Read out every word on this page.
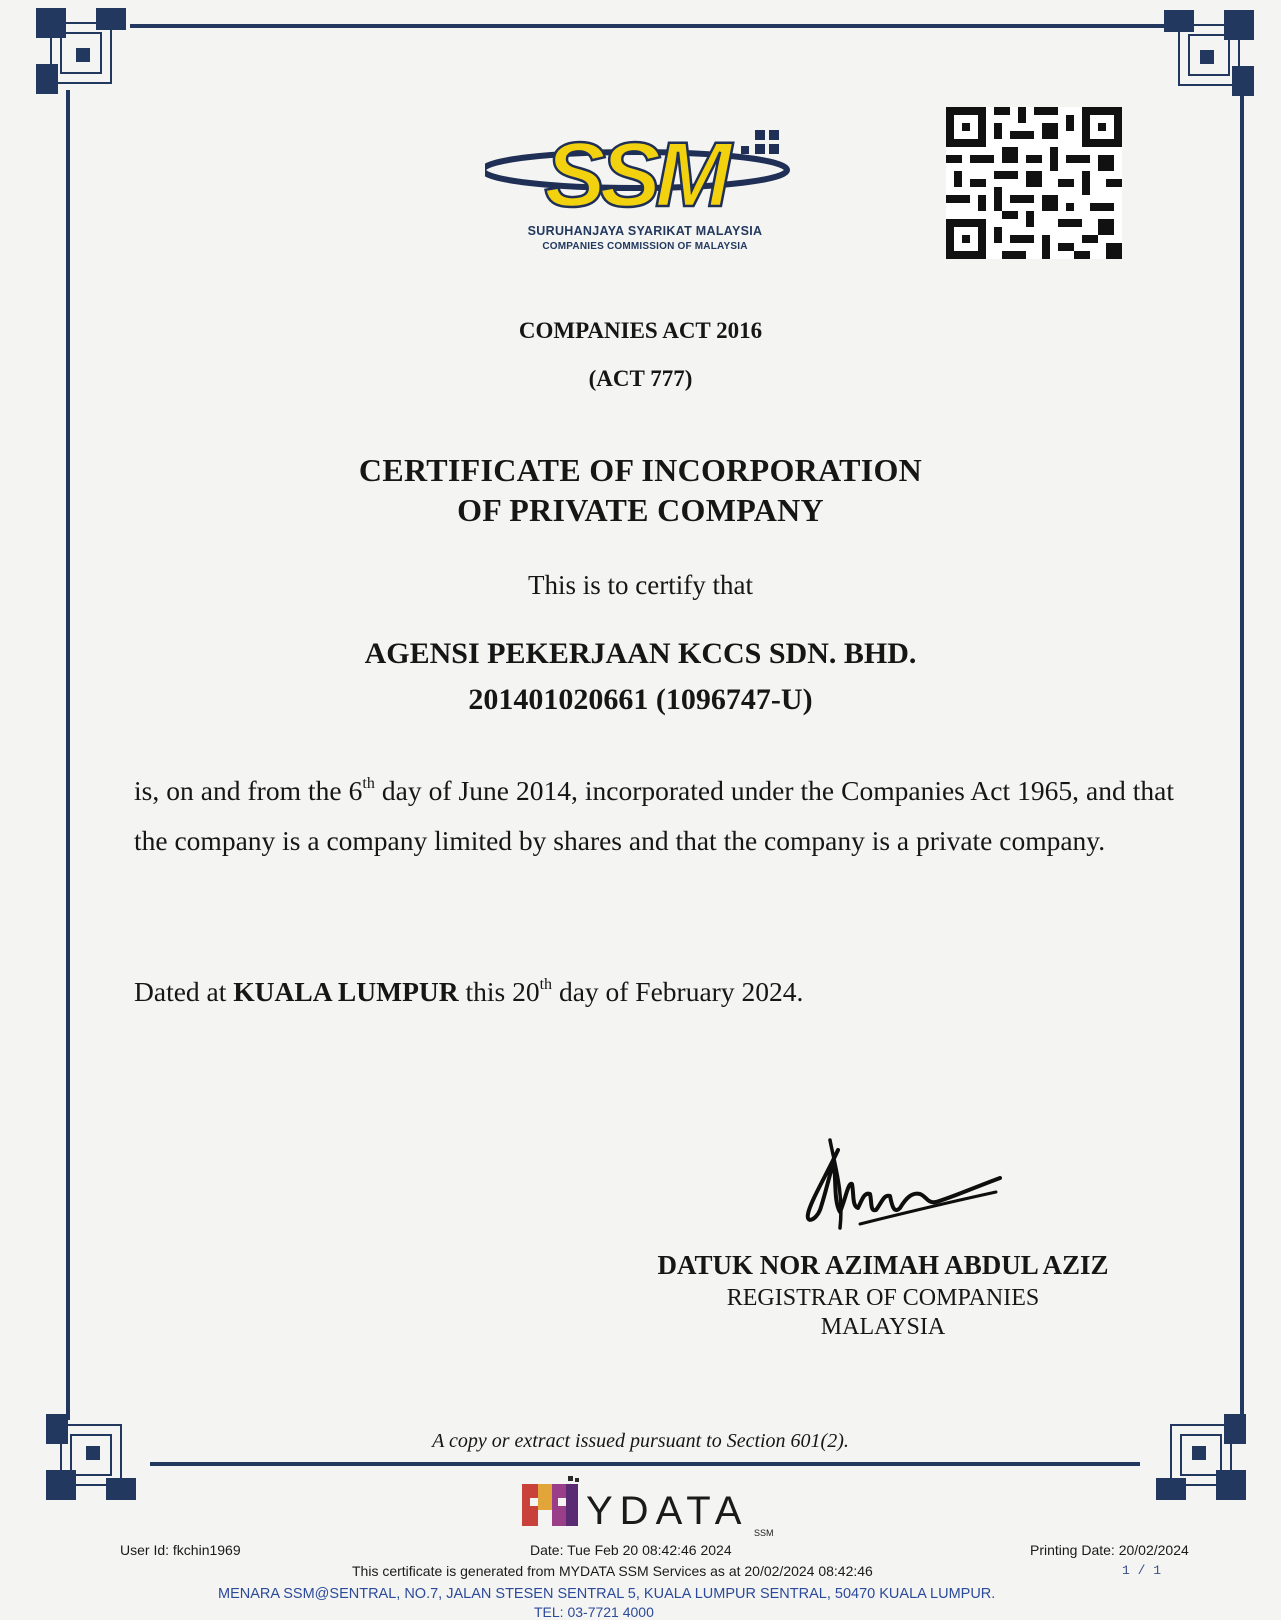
SSM
SURUHANJAYA SYARIKAT MALAYSIA
COMPANIES COMMISSION OF MALAYSIA
COMPANIES ACT 2016
(ACT 777)
CERTIFICATE OF INCORPORATION
OF PRIVATE COMPANY
This is to certify that
AGENSI PEKERJAAN KCCS SDN. BHD.
201401020661 (1096747-U)
is, on and from the 6th day of June 2014, incorporated under the Companies Act 1965, and that the company is a company limited by shares and that the company is a private company.
Dated at KUALA LUMPUR this 20th day of February 2024.
DATUK NOR AZIMAH ABDUL AZIZ
REGISTRAR OF COMPANIES
MALAYSIA
A copy or extract issued pursuant to Section 601(2).
YDATA SSM
User Id: fkchin1969	Date: Tue Feb 20 08:42:46 2024	Printing Date: 20/02/2024
This certificate is generated from MYDATA SSM Services as at 20/02/2024 08:42:46	1 / 1
MENARA SSM@SENTRAL, NO.7, JALAN STESEN SENTRAL 5, KUALA LUMPUR SENTRAL, 50470 KUALA LUMPUR.
TEL: 03-7721 4000
